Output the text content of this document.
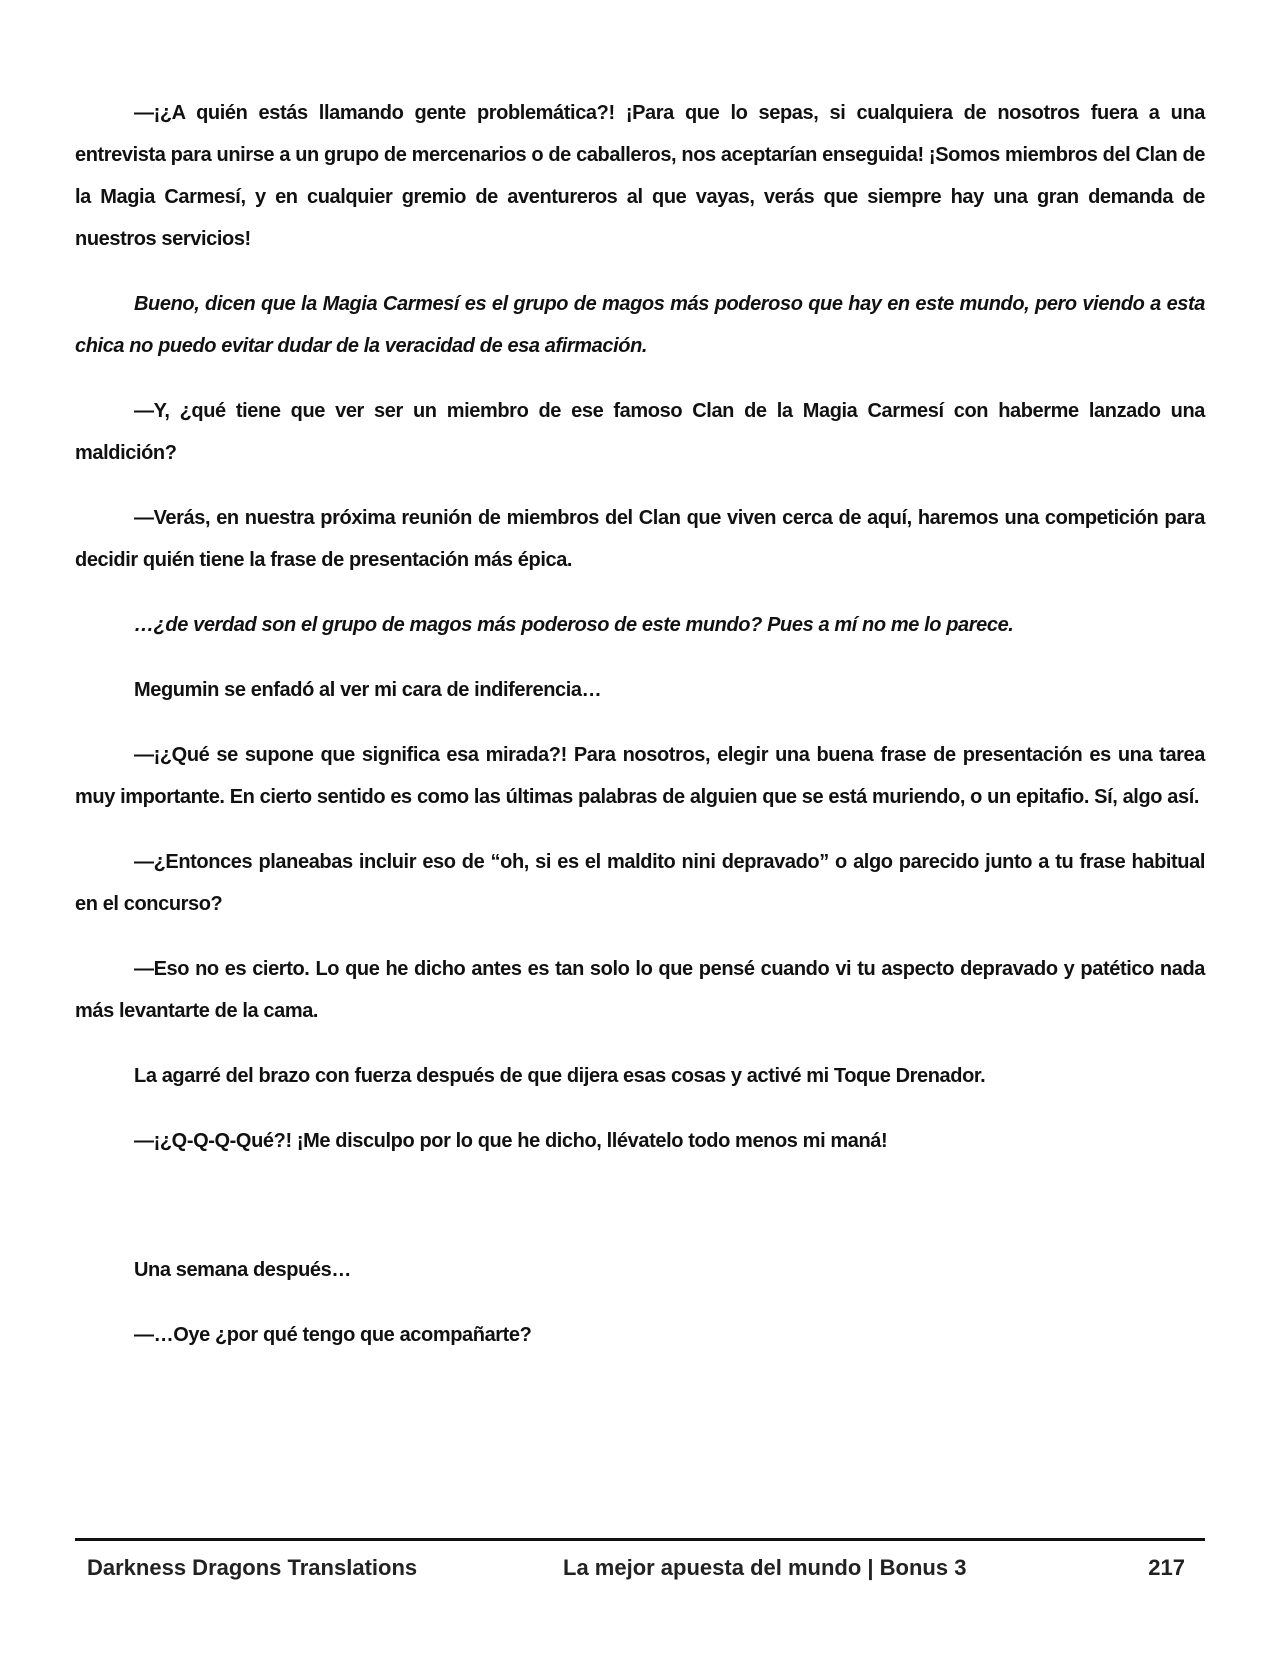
—¡¿A quién estás llamando gente problemática?! ¡Para que lo sepas, si cualquiera de nosotros fuera a una entrevista para unirse a un grupo de mercenarios o de caballeros, nos aceptarían enseguida! ¡Somos miembros del Clan de la Magia Carmesí, y en cualquier gremio de aventureros al que vayas, verás que siempre hay una gran demanda de nuestros servicios!

Bueno, dicen que la Magia Carmesí es el grupo de magos más poderoso que hay en este mundo, pero viendo a esta chica no puedo evitar dudar de la veracidad de esa afirmación.

—Y, ¿qué tiene que ver ser un miembro de ese famoso Clan de la Magia Carmesí con haberme lanzado una maldición?

—Verás, en nuestra próxima reunión de miembros del Clan que viven cerca de aquí, haremos una competición para decidir quién tiene la frase de presentación más épica.

…¿de verdad son el grupo de magos más poderoso de este mundo? Pues a mí no me lo parece.

Megumin se enfadó al ver mi cara de indiferencia…

—¡¿Qué se supone que significa esa mirada?! Para nosotros, elegir una buena frase de presentación es una tarea muy importante. En cierto sentido es como las últimas palabras de alguien que se está muriendo, o un epitafio. Sí, algo así.

—¿Entonces planeabas incluir eso de “oh, si es el maldito nini depravado” o algo parecido junto a tu frase habitual en el concurso?

—Eso no es cierto. Lo que he dicho antes es tan solo lo que pensé cuando vi tu aspecto depravado y patético nada más levantarte de la cama.

La agarré del brazo con fuerza después de que dijera esas cosas y activé mi Toque Drenador.

—¡¿Q-Q-Q-Qué?! ¡Me disculpo por lo que he dicho, llévatelo todo menos mi maná!

Una semana después…

—…Oye ¿por qué tengo que acompañarte?

Darkness Dragons Translations	La mejor apuesta del mundo | Bonus 3	217
